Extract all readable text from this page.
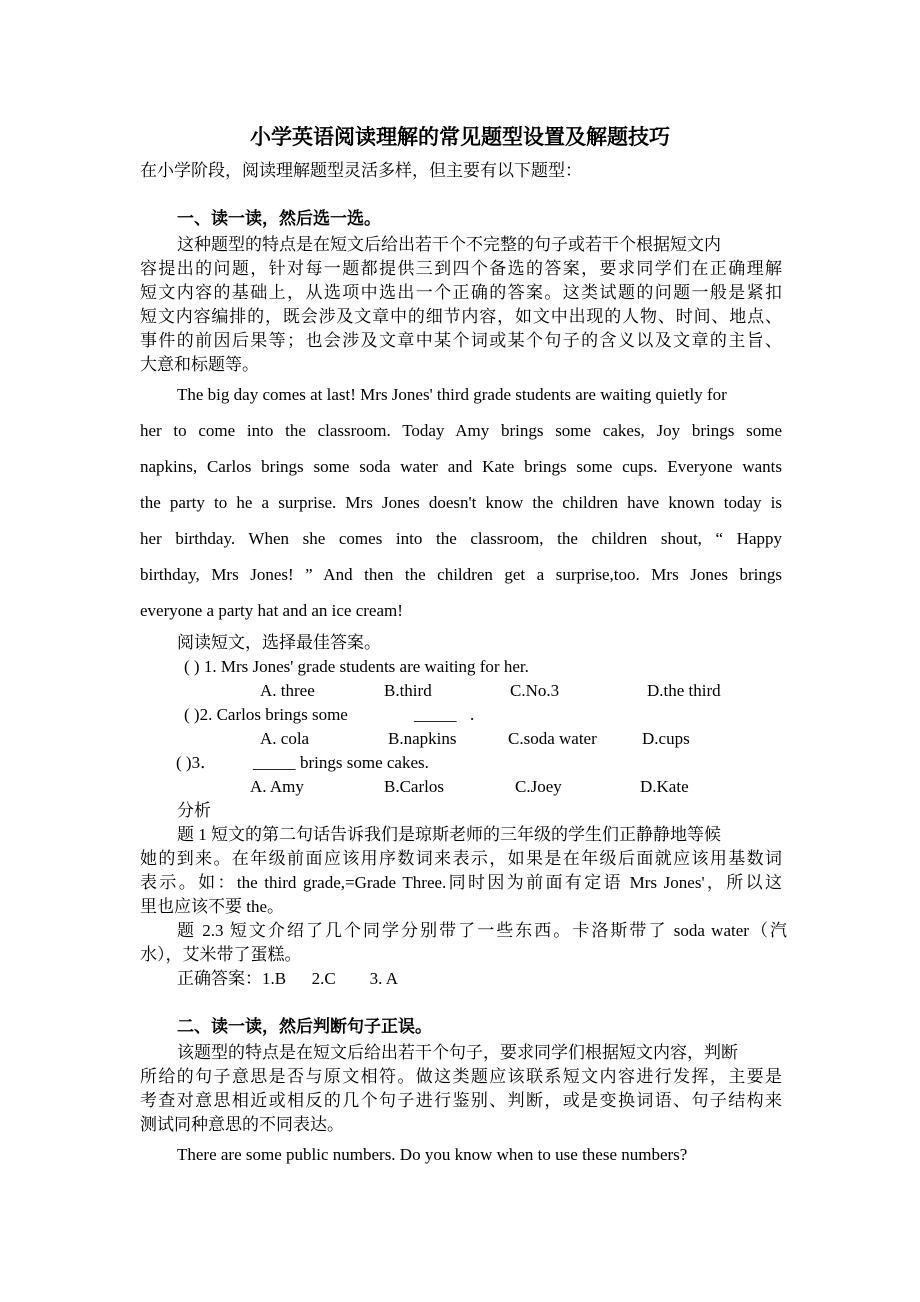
小学英语阅读理解的常见题型设置及解题技巧
在小学阶段，阅读理解题型灵活多样，但主要有以下题型：
一、读一读，然后选一选。
这种题型的特点是在短文后给出若干个不完整的句子或若干个根据短文内
容提出的问题，针对每一题都提供三到四个备选的答案，要求同学们在正确理解
短文内容的基础上，从选项中选出一个正确的答案。这类试题的问题一般是紧扣
短文内容编排的，既会涉及文章中的细节内容，如文中出现的人物、时间、地点、
事件的前因后果等；也会涉及文章中某个词或某个句子的含义以及文章的主旨、
大意和标题等。
The big day comes at last! Mrs Jones' third grade students are waiting quietly for
her to come into the classroom. Today Amy brings some cakes, Joy brings some
napkins, Carlos brings some soda water and Kate brings some cups. Everyone wants
the party to he a surprise. Mrs Jones doesn't know the children have known today is
her birthday. When she comes into the classroom, the children shout, “ Happy
birthday, Mrs Jones! ” And then the children get a surprise,too. Mrs Jones brings
everyone a party hat and an ice cream!
阅读短文，选择最佳答案。
( ) 1. Mrs Jones' grade students are waiting for her.
A. three	B.third	C.No.3	D.the third
( )2. Carlos brings some	_____ .
A. cola	B.napkins	C.soda water	D.cups
( )3． _____ brings some cakes.
A. Amy	B.Carlos	C.Joey	D.Kate
分析
题 1 短文的第二句话告诉我们是琼斯老师的三年级的学生们正静静地等候
她的到来。在年级前面应该用序数词来表示，如果是在年级后面就应该用基数词
表示。如：the third grade,=Grade Three.同时因为前面有定语 Mrs Jones'，所以这
里也应该不要 the。
题 2.3 短文介绍了几个同学分别带了一些东西。卡洛斯带了 soda water（汽
水），艾米带了蛋糕。
正确答案：1.B      2.C        3. A
二、读一读，然后判断句子正误。
该题型的特点是在短文后给出若干个句子，要求同学们根据短文内容，判断
所给的句子意思是否与原文相符。做这类题应该联系短文内容进行发挥，主要是
考查对意思相近或相反的几个句子进行鉴别、判断，或是变换词语、句子结构来
测试同种意思的不同表达。
There are some public numbers. Do you know when to use these numbers?
